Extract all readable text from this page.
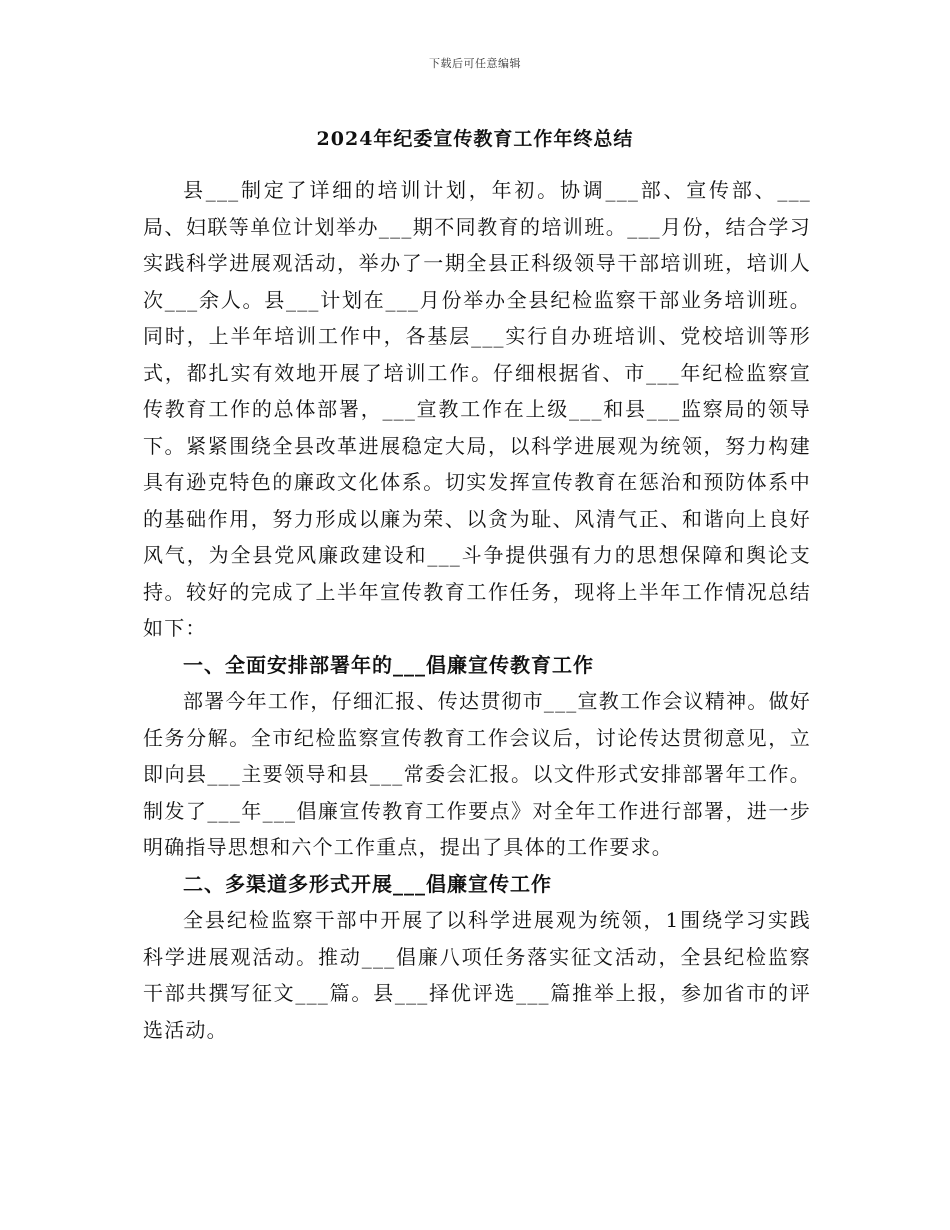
下载后可任意编辑
2024年纪委宣传教育工作年终总结

县___制定了详细的培训计划，年初。协调___部、宣传部、___局、妇联等单位计划举办___期不同教育的培训班。___月份，结合学习实践科学进展观活动，举办了一期全县正科级领导干部培训班，培训人次___余人。县___计划在___月份举办全县纪检监察干部业务培训班。同时，上半年培训工作中，各基层___实行自办班培训、党校培训等形式，都扎实有效地开展了培训工作。仔细根据省、市___年纪检监察宣传教育工作的总体部署，___宣教工作在上级___和县___监察局的领导下。紧紧围绕全县改革进展稳定大局，以科学进展观为统领，努力构建具有逊克特色的廉政文化体系。切实发挥宣传教育在惩治和预防体系中的基础作用，努力形成以廉为荣、以贪为耻、风清气正、和谐向上良好风气，为全县党风廉政建设和___斗争提供强有力的思想保障和舆论支持。较好的完成了上半年宣传教育工作任务，现将上半年工作情况总结如下：

一、全面安排部署年的___倡廉宣传教育工作

部署今年工作，仔细汇报、传达贯彻市___宣教工作会议精神。做好任务分解。全市纪检监察宣传教育工作会议后，讨论传达贯彻意见，立即向县___主要领导和县___常委会汇报。以文件形式安排部署年工作。制发了___年___倡廉宣传教育工作要点》对全年工作进行部署，进一步明确指导思想和六个工作重点，提出了具体的工作要求。

二、多渠道多形式开展___倡廉宣传工作

全县纪检监察干部中开展了以科学进展观为统领，1围绕学习实践科学进展观活动。推动___倡廉八项任务落实征文活动，全县纪检监察干部共撰写征文___篇。县___择优评选___篇推举上报，参加省市的评选活动。
